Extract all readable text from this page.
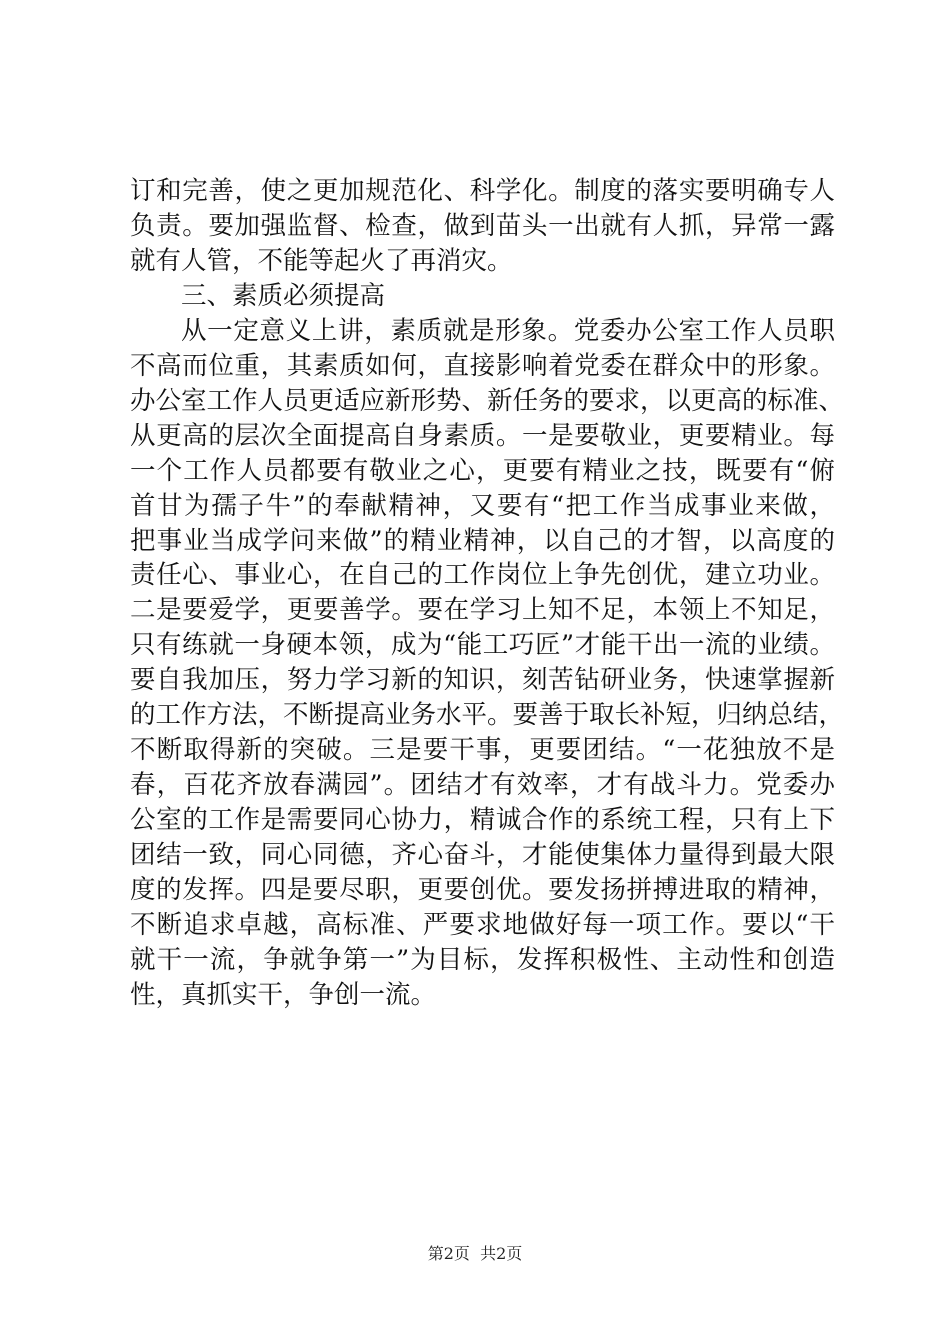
订和完善，使之更加规范化、科学化。制度的落实要明确专人
负责。要加强监督、检查，做到苗头一出就有人抓，异常一露
就有人管，不能等起火了再消灾。
三、素质必须提高
从一定意义上讲，素质就是形象。党委办公室工作人员职
不高而位重，其素质如何，直接影响着党委在群众中的形象。
办公室工作人员更适应新形势、新任务的要求，以更高的标准、
从更高的层次全面提高自身素质。一是要敬业，更要精业。每
一个工作人员都要有敬业之心，更要有精业之技，既要有“俯
首甘为孺子牛”的奉献精神，又要有“把工作当成事业来做，
把事业当成学问来做”的精业精神，以自己的才智，以高度的
责任心、事业心，在自己的工作岗位上争先创优，建立功业。
二是要爱学，更要善学。要在学习上知不足，本领上不知足，
只有练就一身硬本领，成为“能工巧匠”才能干出一流的业绩。
要自我加压，努力学习新的知识，刻苦钻研业务，快速掌握新
的工作方法，不断提高业务水平。要善于取长补短，归纳总结，
不断取得新的突破。三是要干事，更要团结。“一花独放不是
春，百花齐放春满园”。团结才有效率，才有战斗力。党委办
公室的工作是需要同心协力，精诚合作的系统工程，只有上下
团结一致，同心同德，齐心奋斗，才能使集体力量得到最大限
度的发挥。四是要尽职，更要创优。要发扬拼搏进取的精神，
不断追求卓越，高标准、严要求地做好每一项工作。要以“干
就干一流，争就争第一”为目标，发挥积极性、主动性和创造
性，真抓实干，争创一流。
第2页 共2页
